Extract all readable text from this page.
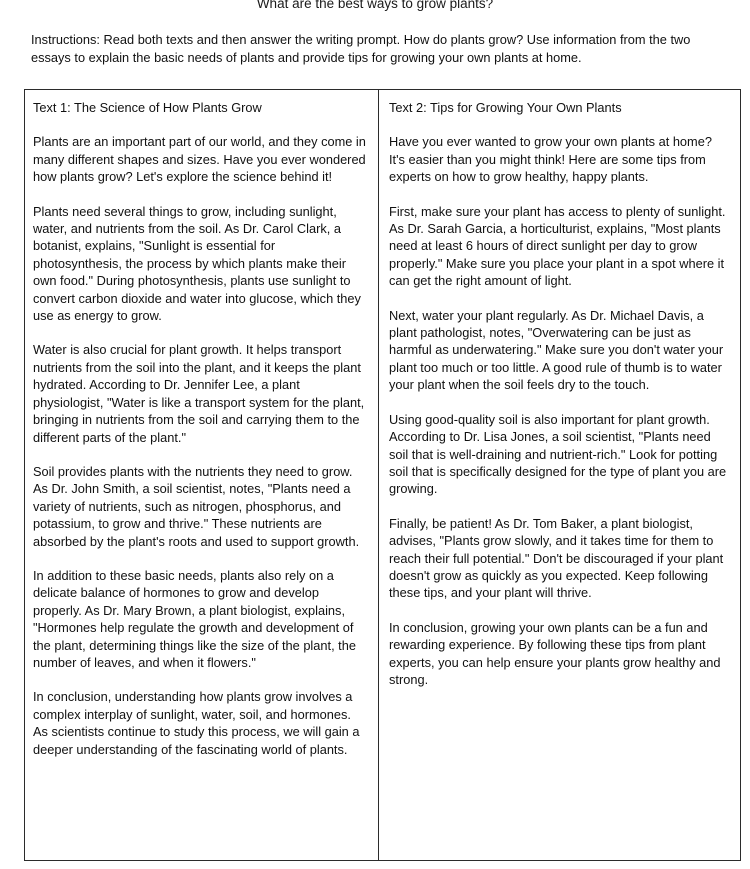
What are the best ways to grow plants?
Instructions: Read both texts and then answer the writing prompt. How do plants grow? Use information from the two essays to explain the basic needs of plants and provide tips for growing your own plants at home.
Text 1: The Science of How Plants Grow

Plants are an important part of our world, and they come in many different shapes and sizes. Have you ever wondered how plants grow? Let's explore the science behind it!

Plants need several things to grow, including sunlight, water, and nutrients from the soil. As Dr. Carol Clark, a botanist, explains, "Sunlight is essential for photosynthesis, the process by which plants make their own food." During photosynthesis, plants use sunlight to convert carbon dioxide and water into glucose, which they use as energy to grow.

Water is also crucial for plant growth. It helps transport nutrients from the soil into the plant, and it keeps the plant hydrated. According to Dr. Jennifer Lee, a plant physiologist, "Water is like a transport system for the plant, bringing in nutrients from the soil and carrying them to the different parts of the plant."

Soil provides plants with the nutrients they need to grow. As Dr. John Smith, a soil scientist, notes, "Plants need a variety of nutrients, such as nitrogen, phosphorus, and potassium, to grow and thrive." These nutrients are absorbed by the plant's roots and used to support growth.

In addition to these basic needs, plants also rely on a delicate balance of hormones to grow and develop properly. As Dr. Mary Brown, a plant biologist, explains, "Hormones help regulate the growth and development of the plant, determining things like the size of the plant, the number of leaves, and when it flowers."

In conclusion, understanding how plants grow involves a complex interplay of sunlight, water, soil, and hormones. As scientists continue to study this process, we will gain a deeper understanding of the fascinating world of plants.

Text 2: Tips for Growing Your Own Plants

Have you ever wanted to grow your own plants at home? It's easier than you might think! Here are some tips from experts on how to grow healthy, happy plants.

First, make sure your plant has access to plenty of sunlight. As Dr. Sarah Garcia, a horticulturist, explains, "Most plants need at least 6 hours of direct sunlight per day to grow properly." Make sure you place your plant in a spot where it can get the right amount of light.

Next, water your plant regularly. As Dr. Michael Davis, a plant pathologist, notes, "Overwatering can be just as harmful as underwatering." Make sure you don't water your plant too much or too little. A good rule of thumb is to water your plant when the soil feels dry to the touch.

Using good-quality soil is also important for plant growth. According to Dr. Lisa Jones, a soil scientist, "Plants need soil that is well-draining and nutrient-rich." Look for potting soil that is specifically designed for the type of plant you are growing.

Finally, be patient! As Dr. Tom Baker, a plant biologist, advises, "Plants grow slowly, and it takes time for them to reach their full potential." Don't be discouraged if your plant doesn't grow as quickly as you expected. Keep following these tips, and your plant will thrive.

In conclusion, growing your own plants can be a fun and rewarding experience. By following these tips from plant experts, you can help ensure your plants grow healthy and strong.
